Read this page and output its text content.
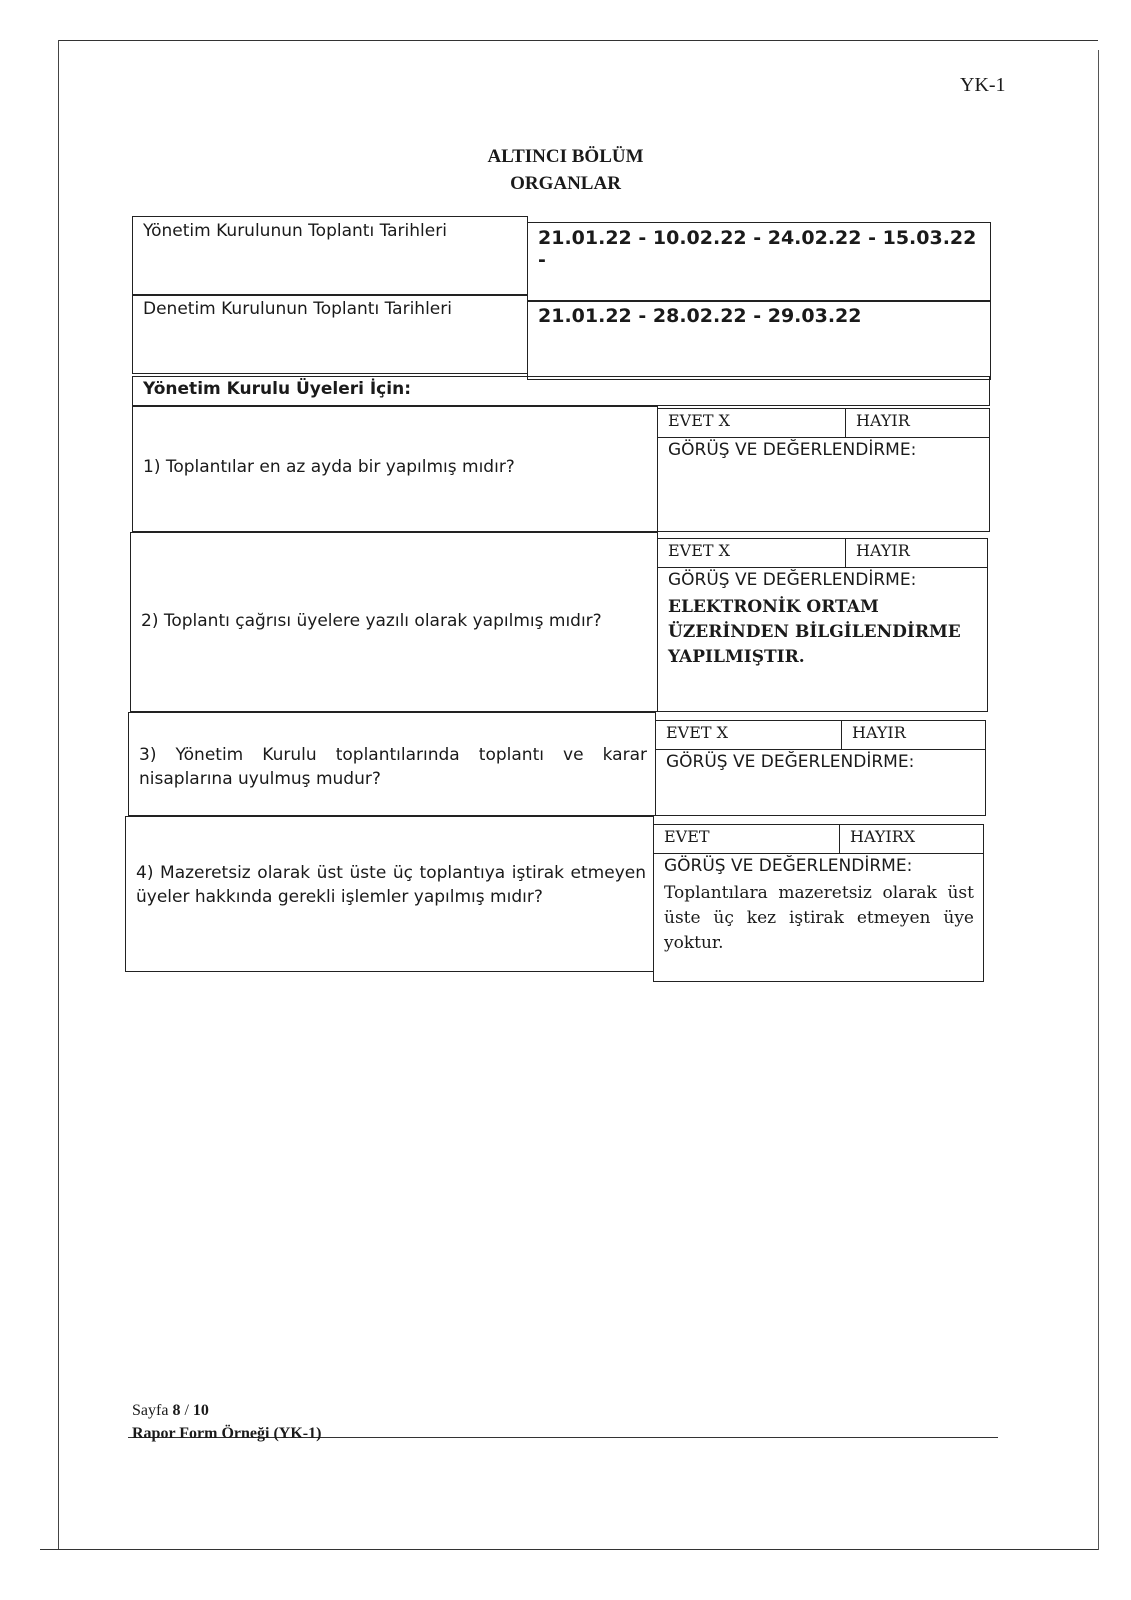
YK-1
ALTINCI BÖLÜM
ORGANLAR
Yönetim Kurulunun Toplantı Tarihleri	21.01.22 - 10.02.22 - 24.02.22 - 15.03.22 -
Denetim Kurulunun Toplantı Tarihleri	21.01.22 - 28.02.22 - 29.03.22
Yönetim Kurulu Üyeleri İçin:
1) Toplantılar en az ayda bir yapılmış mıdır?
EVET X	HAYIR
GÖRÜŞ VE DEĞERLENDİRME:
2) Toplantı çağrısı üyelere yazılı olarak yapılmış mıdır?
EVET X	HAYIR
GÖRÜŞ VE DEĞERLENDİRME:
ELEKTRONİK ORTAM ÜZERİNDEN BİLGİLENDİRME YAPILMIŞTIR.
3) Yönetim Kurulu toplantılarında toplantı ve karar nisaplarına uyulmuş mudur?
EVET X	HAYIR
GÖRÜŞ VE DEĞERLENDİRME:
4) Mazeretsiz olarak üst üste üç toplantıya iştirak etmeyen üyeler hakkında gerekli işlemler yapılmış mıdır?
EVET	HAYIRX
GÖRÜŞ VE DEĞERLENDİRME:
Toplantılara mazeretsiz olarak üst üste üç kez iştirak etmeyen üye yoktur.
Sayfa 8 / 10
Rapor Form Örneği (YK-1)
